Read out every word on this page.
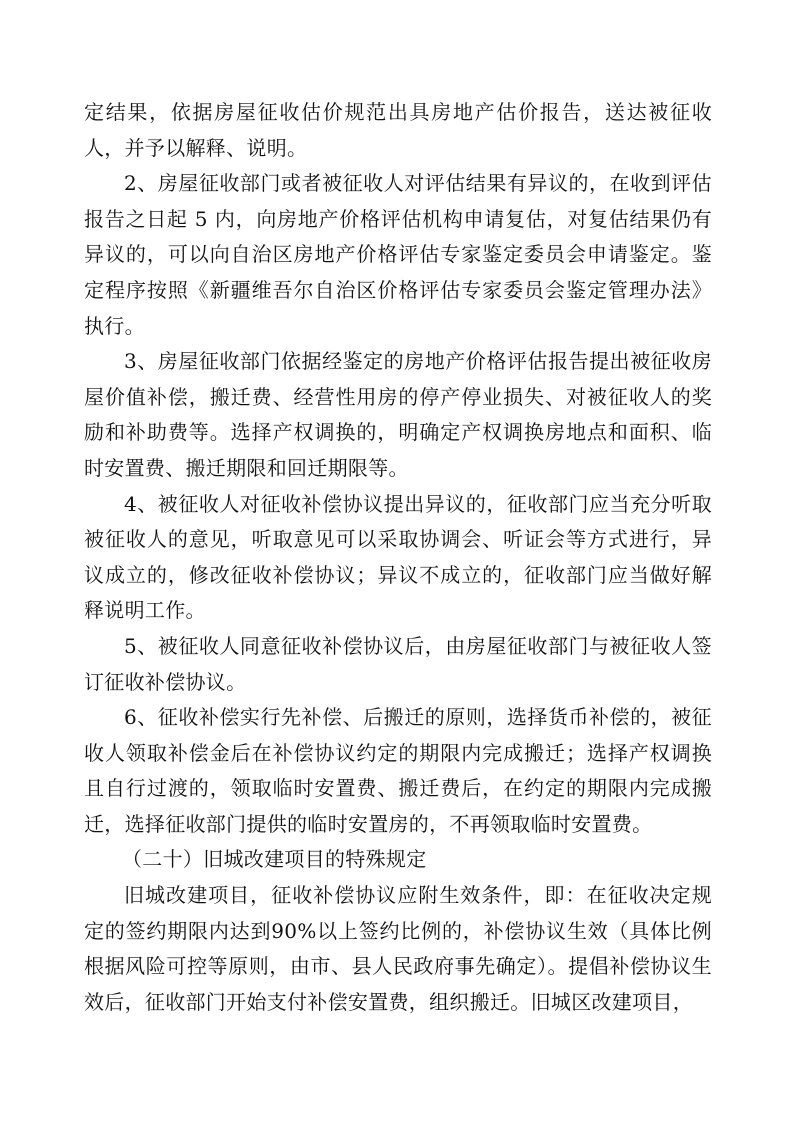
定结果，依据房屋征收估价规范出具房地产估价报告，送达被征收人，并予以解释、说明。

2、房屋征收部门或者被征收人对评估结果有异议的，在收到评估报告之日起 5 内，向房地产价格评估机构申请复估，对复估结果仍有异议的，可以向自治区房地产价格评估专家鉴定委员会申请鉴定。鉴定程序按照《新疆维吾尔自治区价格评估专家委员会鉴定管理办法》执行。

3、房屋征收部门依据经鉴定的房地产价格评估报告提出被征收房屋价值补偿，搬迁费、经营性用房的停产停业损失、对被征收人的奖励和补助费等。选择产权调换的，明确定产权调换房地点和面积、临时安置费、搬迁期限和回迁期限等。

4、被征收人对征收补偿协议提出异议的，征收部门应当充分听取被征收人的意见，听取意见可以采取协调会、听证会等方式进行，异议成立的，修改征收补偿协议；异议不成立的，征收部门应当做好解释说明工作。

5、被征收人同意征收补偿协议后，由房屋征收部门与被征收人签订征收补偿协议。

6、征收补偿实行先补偿、后搬迁的原则，选择货币补偿的，被征收人领取补偿金后在补偿协议约定的期限内完成搬迁；选择产权调换且自行过渡的，领取临时安置费、搬迁费后，在约定的期限内完成搬迁，选择征收部门提供的临时安置房的，不再领取临时安置费。

（二十）旧城改建项目的特殊规定

旧城改建项目，征收补偿协议应附生效条件，即：在征收决定规定的签约期限内达到90%以上签约比例的，补偿协议生效（具体比例根据风险可控等原则，由市、县人民政府事先确定）。提倡补偿协议生效后，征收部门开始支付补偿安置费，组织搬迁。旧城区改建项目，
